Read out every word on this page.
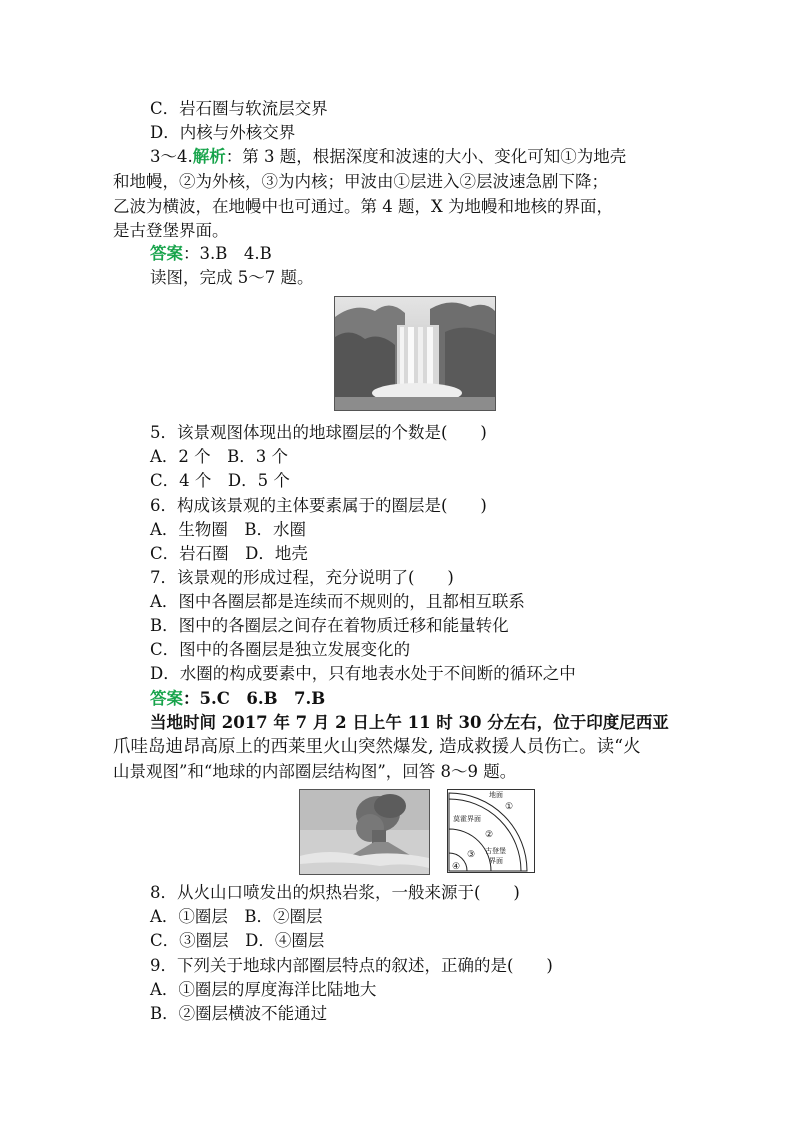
C．岩石圈与软流层交界
D．内核与外核交界
3～4.解析：第 3 题，根据深度和波速的大小、变化可知①为地壳
和地幔，②为外核，③为内核；甲波由①层进入②层波速急剧下降；
乙波为横波，在地幔中也可通过。第 4 题，X 为地幔和地核的界面，
是古登堡界面。
答案：3.B　4.B
读图，完成 5～7 题。
5．该景观图体现出的地球圈层的个数是(　　)
A．2 个　B．3 个
C．4 个　D．5 个
6．构成该景观的主体要素属于的圈层是(　　)
A．生物圈　B．水圈
C．岩石圈　D．地壳
7．该景观的形成过程，充分说明了(　　)
A．图中各圈层都是连续而不规则的，且都相互联系
B．图中的各圈层之间存在着物质迁移和能量转化
C．图中的各圈层是独立发展变化的
D．水圈的构成要素中，只有地表水处于不间断的循环之中
答案：5.C　6.B　7.B
当地时间 2017 年 7 月 2 日上午 11 时 30 分左右，位于印度尼西亚
爪哇岛迪昂高原上的西莱里火山突然爆发, 造成救援人员伤亡。读“火
山景观图”和“地球的内部圈层结构图”，回答 8～9 题。
地面
①
莫霍界面
②
③ 古登堡
界面
④
8．从火山口喷发出的炽热岩浆，一般来源于(　　)
A．①圈层　B．②圈层
C．③圈层　D．④圈层
9．下列关于地球内部圈层特点的叙述，正确的是(　　)
A．①圈层的厚度海洋比陆地大
B．②圈层横波不能通过
